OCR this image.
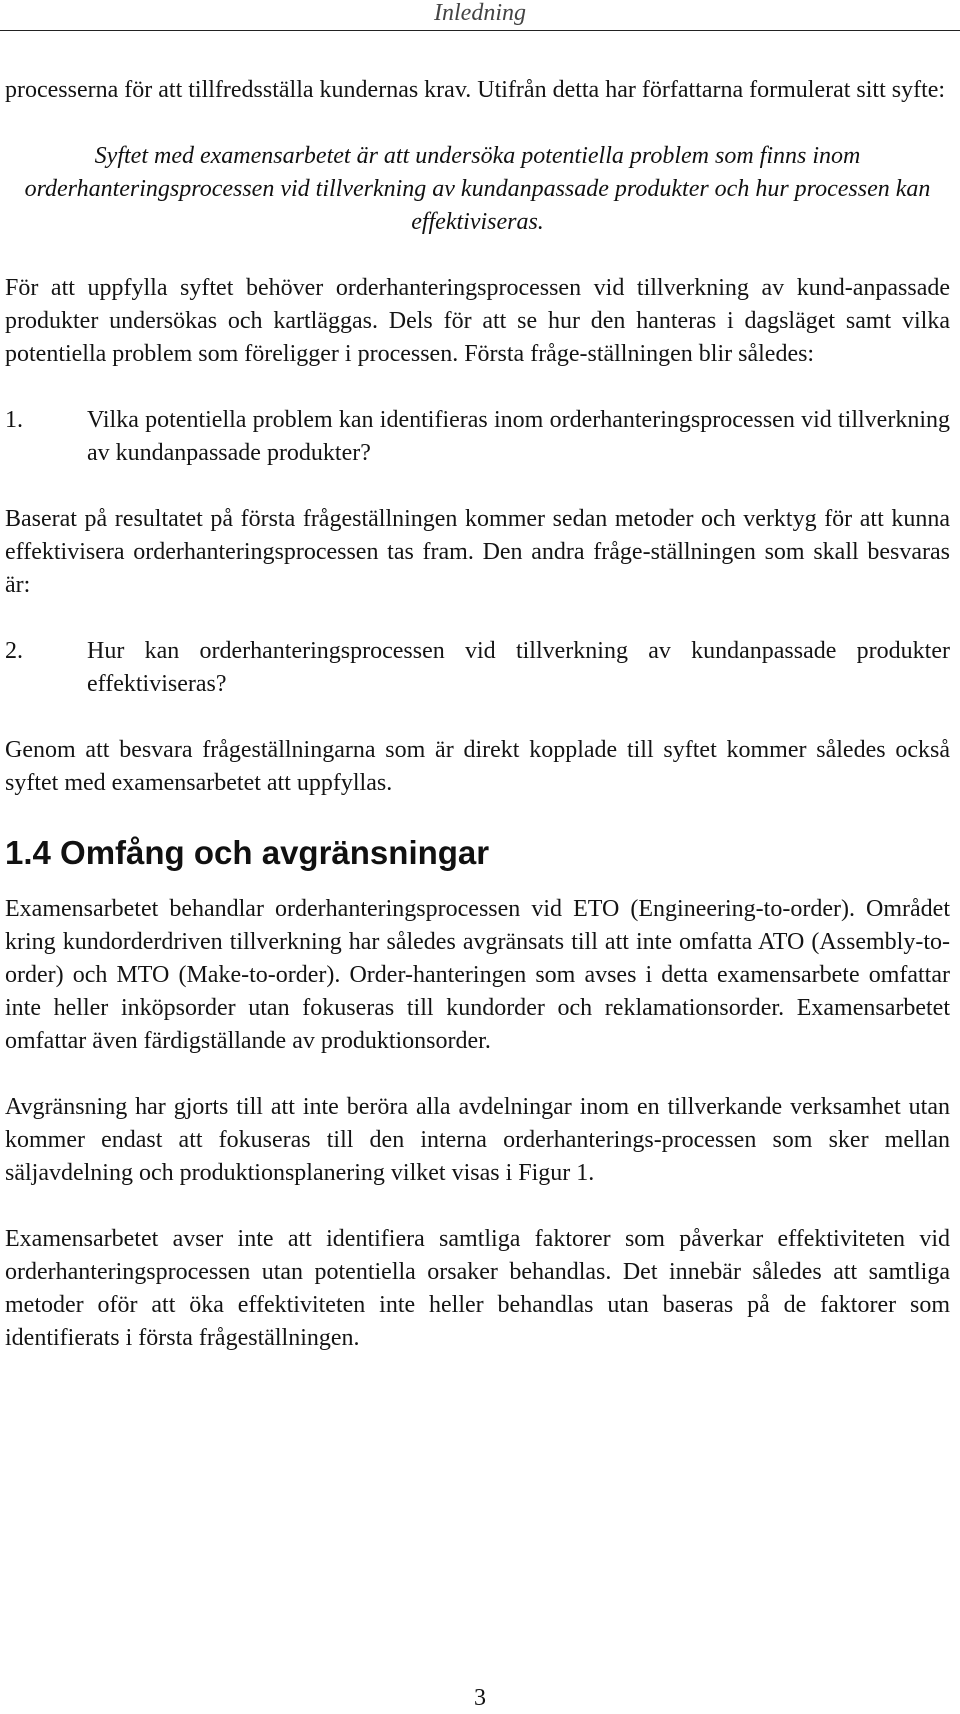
Inledning

processerna för att tillfredsställa kundernas krav. Utifrån detta har författarna formulerat sitt syfte:

Syftet med examensarbetet är att undersöka potentiella problem som finns inom orderhanteringsprocessen vid tillverkning av kundanpassade produkter och hur processen kan effektiviseras.

För att uppfylla syftet behöver orderhanteringsprocessen vid tillverkning av kund-anpassade produkter undersökas och kartläggas. Dels för att se hur den hanteras i dagsläget samt vilka potentiella problem som föreligger i processen. Första fråge-ställningen blir således:

1.	Vilka potentiella problem kan identifieras inom orderhanteringsprocessen vid tillverkning av kundanpassade produkter?

Baserat på resultatet på första frågeställningen kommer sedan metoder och verktyg för att kunna effektivisera orderhanteringsprocessen tas fram. Den andra fråge-ställningen som skall besvaras är:

2.	Hur kan orderhanteringsprocessen vid tillverkning av kundanpassade produkter effektiviseras?

Genom att besvara frågeställningarna som är direkt kopplade till syftet kommer således också syftet med examensarbetet att uppfyllas.

1.4 Omfång och avgränsningar

Examensarbetet behandlar orderhanteringsprocessen vid ETO (Engineering-to-order). Området kring kundorderdriven tillverkning har således avgränsats till att inte omfatta ATO (Assembly-to-order) och MTO (Make-to-order). Order-hanteringen som avses i detta examensarbete omfattar inte heller inköpsorder utan fokuseras till kundorder och reklamationsorder. Examensarbetet omfattar även färdigställande av produktionsorder.

Avgränsning har gjorts till att inte beröra alla avdelningar inom en tillverkande verksamhet utan kommer endast att fokuseras till den interna orderhanterings-processen som sker mellan säljavdelning och produktionsplanering vilket visas i Figur 1.

Examensarbetet avser inte att identifiera samtliga faktorer som påverkar effektiviteten vid orderhanteringsprocessen utan potentiella orsaker behandlas. Det innebär således att samtliga metoder oför att öka effektiviteten inte heller behandlas utan baseras på de faktorer som identifierats i första frågeställningen.

3
